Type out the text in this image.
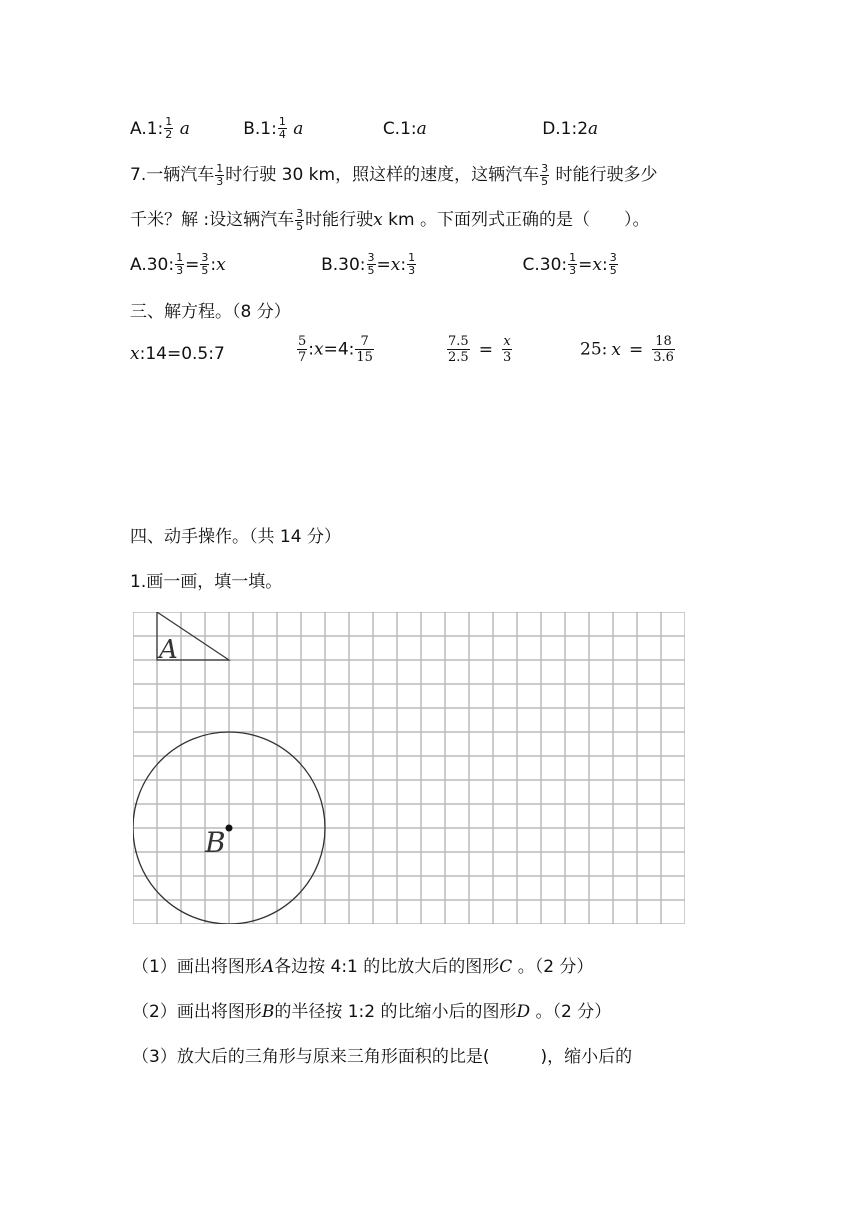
A.1: $\frac{1}{2}$ a	B.1: $\frac{1}{4}$ a	C.1:a	D.1:2a
7.一辆汽车 $\frac{1}{3}$ 时行驶 30 km，照这样的速度，这辆汽车 $\frac{3}{5}$ 时能行驶多少
千米？解 :设这辆汽车 $\frac{3}{5}$ 时能行驶x km 。下面列式正确的是（　　）。
A.30: $\frac{1}{3} = \frac{3}{5}$ :x	B.30: $\frac{3}{5} =x$: $\frac{1}{3}$	C.30: $\frac{1}{3} =x$: $\frac{3}{5}$
三、解方程。（8 分）
x:14=0.5:7	$\frac{5}{7}$ :x=4: $\frac{7}{15}$	$\frac{7.5}{2.5} = \frac{x}{3}$	25: $x = \frac{18}{3.6}$
四、动手操作。（共 14 分）
1.画一画，填一填。
A
B
（1）画出将图形A各边按 4:1 的比放大后的图形C 。（2 分）
（2）画出将图形B的半径按 1:2 的比缩小后的图形D 。（2 分）
（3）放大后的三角形与原来三角形面积的比是(　　　)，缩小后的
